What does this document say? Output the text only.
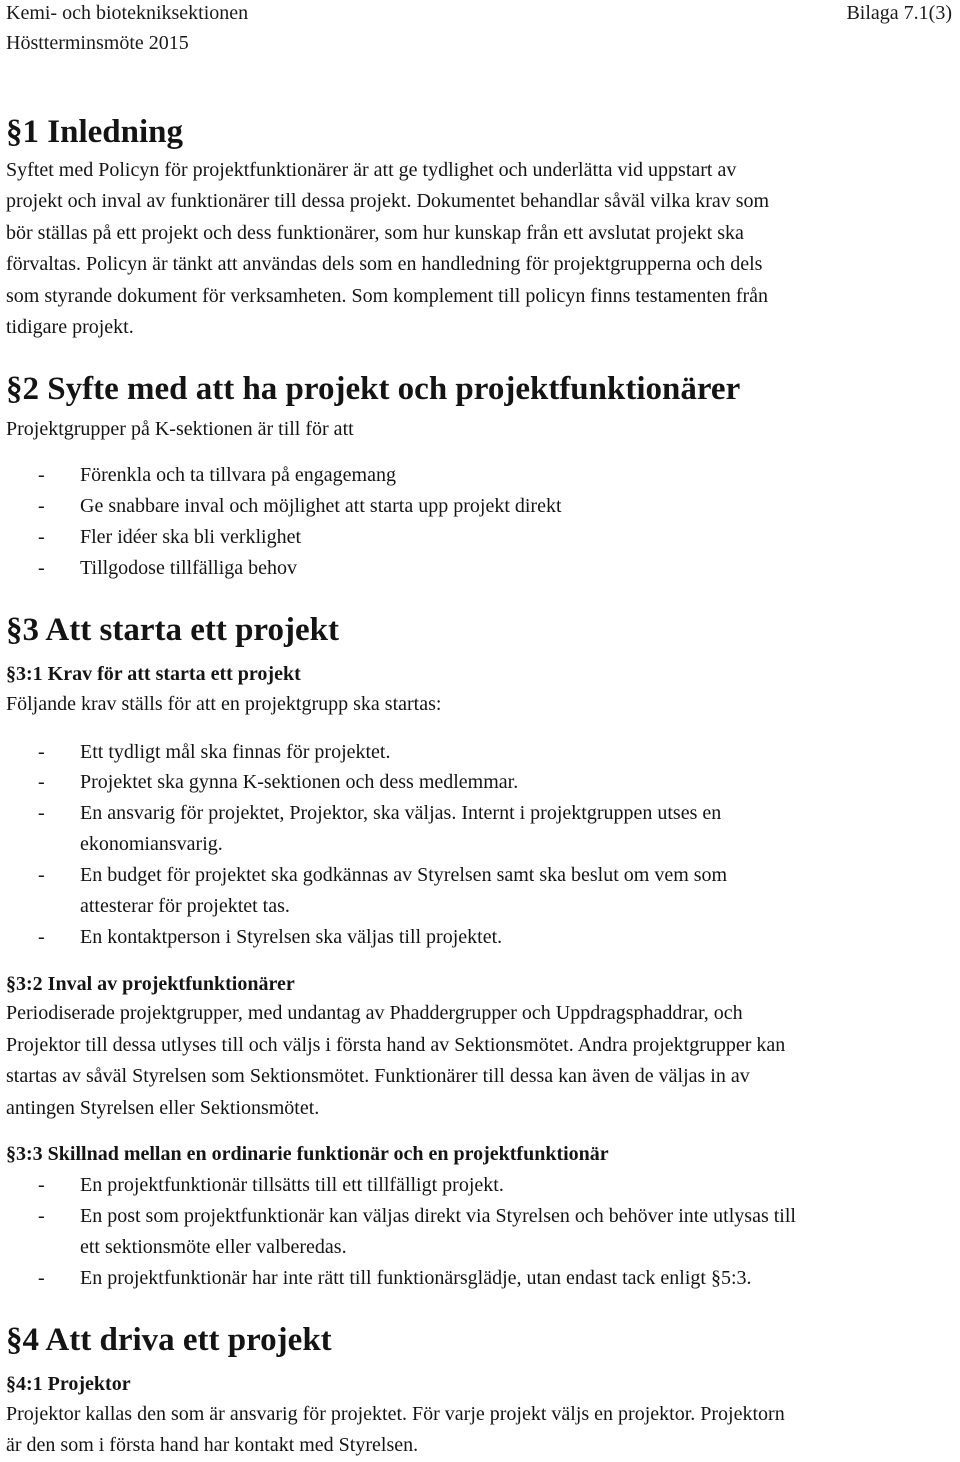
Kemi- och biotekniksektionen
Höstterminsmöte 2015
Bilaga 7.1(3)
§1 Inledning
Syftet med Policyn för projektfunktionärer är att ge tydlighet och underlätta vid uppstart av
projekt och inval av funktionärer till dessa projekt. Dokumentet behandlar såväl vilka krav som
bör ställas på ett projekt och dess funktionärer, som hur kunskap från ett avslutat projekt ska
förvaltas. Policyn är tänkt att användas dels som en handledning för projektgrupperna och dels
som styrande dokument för verksamheten. Som komplement till policyn finns testamenten från
tidigare projekt.
§2 Syfte med att ha projekt och projektfunktionärer
Projektgrupper på K-sektionen är till för att
- Förenkla och ta tillvara på engagemang
- Ge snabbare inval och möjlighet att starta upp projekt direkt
- Fler idéer ska bli verklighet
- Tillgodose tillfälliga behov
§3 Att starta ett projekt
§3:1 Krav för att starta ett projekt
Följande krav ställs för att en projektgrupp ska startas:
- Ett tydligt mål ska finnas för projektet.
- Projektet ska gynna K-sektionen och dess medlemmar.
- En ansvarig för projektet, Projektor, ska väljas. Internt i projektgruppen utses en
ekonomiansvarig.
- En budget för projektet ska godkännas av Styrelsen samt ska beslut om vem som
attesterar för projektet tas.
- En kontaktperson i Styrelsen ska väljas till projektet.
§3:2 Inval av projektfunktionärer
Periodiserade projektgrupper, med undantag av Phaddergrupper och Uppdragsphaddrar, och
Projektor till dessa utlyses till och väljs i första hand av Sektionsmötet. Andra projektgrupper kan
startas av såväl Styrelsen som Sektionsmötet. Funktionärer till dessa kan även de väljas in av
antingen Styrelsen eller Sektionsmötet.
§3:3 Skillnad mellan en ordinarie funktionär och en projektfunktionär
- En projektfunktionär tillsätts till ett tillfälligt projekt.
- En post som projektfunktionär kan väljas direkt via Styrelsen och behöver inte utlysas till
ett sektionsmöte eller valberedas.
- En projektfunktionär har inte rätt till funktionärsglädje, utan endast tack enligt §5:3.
§4 Att driva ett projekt
§4:1 Projektor
Projektor kallas den som är ansvarig för projektet. För varje projekt väljs en projektor. Projektorn
är den som i första hand har kontakt med Styrelsen.
